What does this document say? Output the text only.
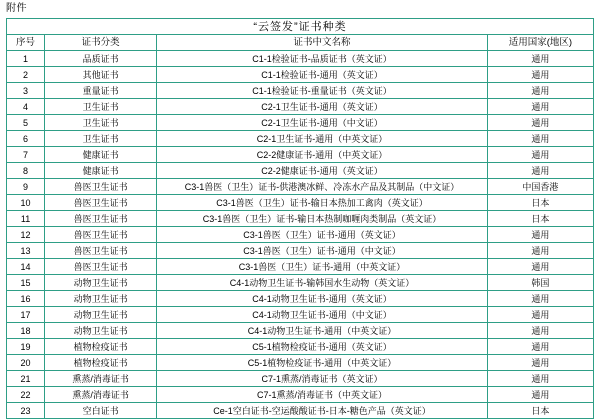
附件
“云签发”证书种类			
序号	证书分类	证书中文名称	适用国家(地区)
1	品质证书	C1-1检验证书-品质证书（英文证）	通用
2	其他证书	C1-1检验证书-通用（英文证）	通用
3	重量证书	C1-1检验证书-重量证书（英文证）	通用
4	卫生证书	C2-1卫生证书-通用（英文证）	通用
5	卫生证书	C2-1卫生证书-通用（中文证）	通用
6	卫生证书	C2-1卫生证书-通用（中英文证）	通用
7	健康证书	C2-2健康证书-通用（中英文证）	通用
8	健康证书	C2-2健康证书-通用（英文证）	通用
9	兽医卫生证书	C3-1兽医（卫生）证书-供港澳冰鲜、冷冻水产品及其制品（中文证）	中国香港
10	兽医卫生证书	C3-1兽医（卫生）证书-输日本热加工禽肉（英文证）	日本
11	兽医卫生证书	C3-1兽医（卫生）证书-输日本热制咖喱肉类制品（英文证）	日本
12	兽医卫生证书	C3-1兽医（卫生）证书-通用（英文证）	通用
13	兽医卫生证书	C3-1兽医（卫生）证书-通用（中文证）	通用
14	兽医卫生证书	C3-1兽医（卫生）证书-通用（中英文证）	通用
15	动物卫生证书	C4-1动物卫生证书-输韩国水生动物（英文证）	韩国
16	动物卫生证书	C4-1动物卫生证书-通用（英文证）	通用
17	动物卫生证书	C4-1动物卫生证书-通用（中文证）	通用
18	动物卫生证书	C4-1动物卫生证书-通用（中英文证）	通用
19	植物检疫证书	C5-1植物检疫证书-通用（英文证）	通用
20	植物检疫证书	C5-1植物检疫证书-通用（中英文证）	通用
21	熏蒸/消毒证书	C7-1熏蒸/消毒证书（英文证）	通用
22	熏蒸/消毒证书	C7-1熏蒸/消毒证书（中英文证）	通用
23	空白证书	Ce-1空白证书-空运酸酸证书-日本-糖色产品（英文证）	日本
